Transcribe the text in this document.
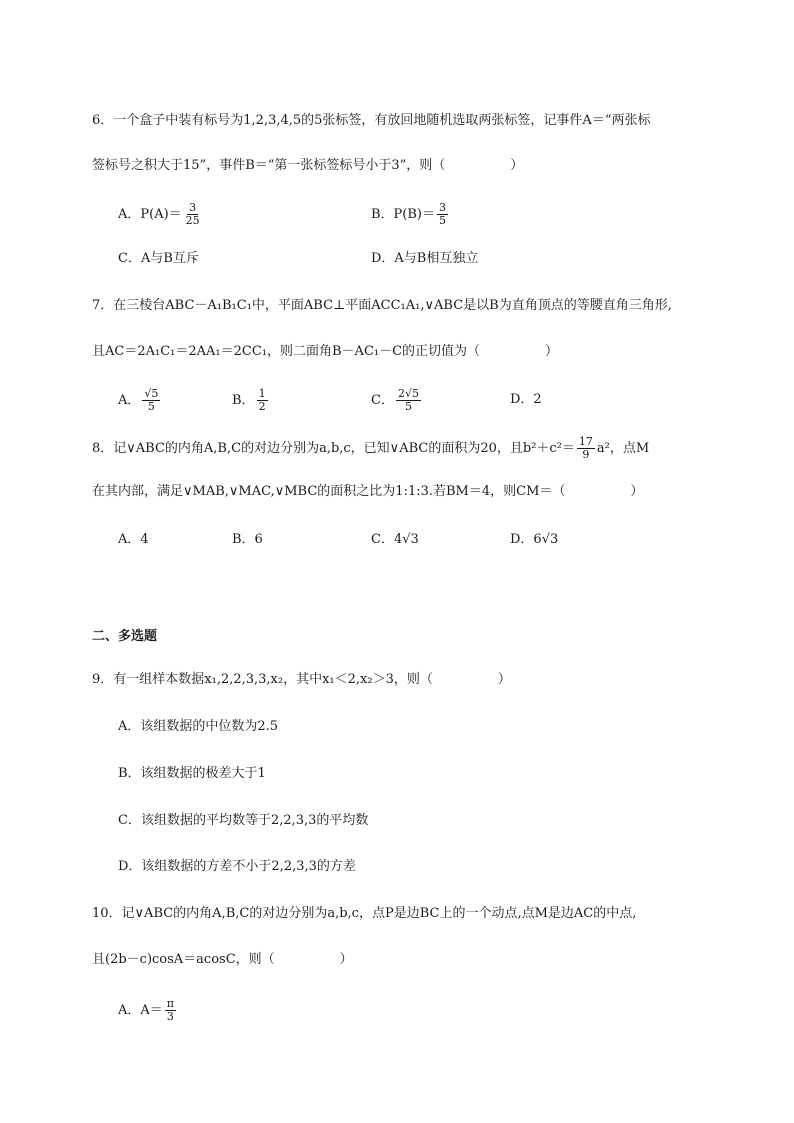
6．一个盒子中装有标号为1,2,3,4,5的5张标签，有放回地随机选取两张标签，记事件A＝“两张标
签标号之积大于15”，事件B＝“第一张标签标号小于3”，则（　　　　　）
A．$P(A)= \frac{3}{25}$	B．$P(B)= \frac{3}{5}$
C．A与B互斥	D．A与B相互独立
7．在三棱台ABC－A₁B₁C₁中，平面ABC⊥平面ACC₁A₁,∨ABC是以B为直角顶点的等腰直角三角形,
且AC＝2A₁C₁＝2AA₁＝2CC₁，则二面角B－AC₁－C的正切值为（　　　　　）
A． $\frac{√5}{5}$	B． $\frac{1}{2}$	C． $\frac{2√5}{5}$	D．2
8．记∨ABC的内角A,B,C的对边分别为a,b,c，已知∨ABC的面积为20，且$b^2+c^2= \frac{17}{9} a^2$，点M
在其内部，满足∨MAB,∨MAC,∨MBC的面积之比为1:1:3.若BM＝4，则CM＝（　　　　　）
A．4	B．6	C．4√3	D．6√3
二、多选题
9．有一组样本数据x₁,2,2,3,3,x₂，其中x₁＜2,x₂＞3，则（　　　　　）
A．该组数据的中位数为2.5
B．该组数据的极差大于1
C．该组数据的平均数等于2,2,3,3的平均数
D．该组数据的方差不小于2,2,3,3的方差
10．记∨ABC的内角A,B,C的对边分别为a,b,c，点P是边BC上的一个动点,点M是边AC的中点,
且(2b－c)cosA＝acosC，则（　　　　　）
A．$A= \frac{\pi}{3}$
